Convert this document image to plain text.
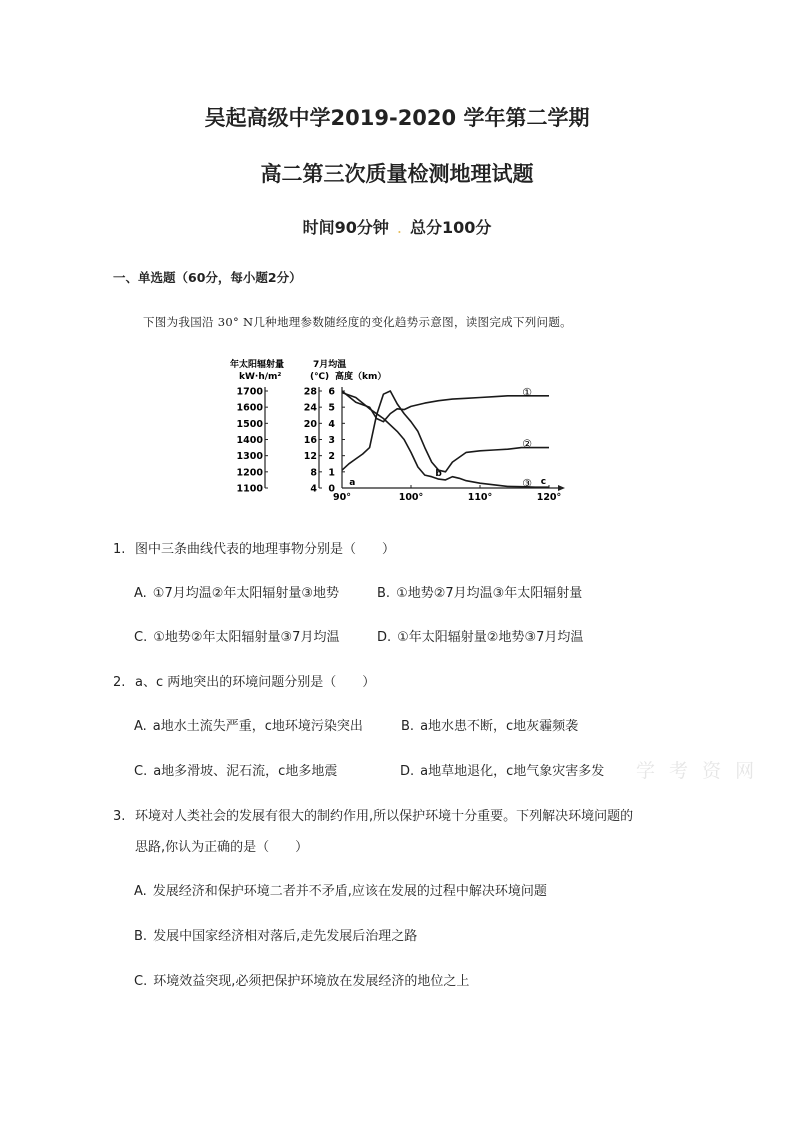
吴起高级中学2019-2020 学年第二学期
高二第三次质量检测地理试题
时间90分钟 . 总分100分
一、单选题（60分，每小题2分）
下图为我国沿 30° N几种地理参数随经度的变化趋势示意图，读图完成下列问题。
年太阳辐射量
kW·h/m²
7月均温
(℃) 高度（km）
1700
1600
1500
1400
1300
1200
1100
28
24
20
16
12
8
4
6
5
4
3
2
1
0
90°	100°	110°	120°
①
②
③
a
b
c
1. 图中三条曲线代表的地理事物分别是（　　）
A. ①7月均温②年太阳辐射量③地势	B. ①地势②7月均温③年太阳辐射量
C. ①地势②年太阳辐射量③7月均温	D. ①年太阳辐射量②地势③7月均温
2. a、c 两地突出的环境问题分别是（　　）
A. a地水土流失严重，c地环境污染突出	B. a地水患不断，c地灰霾频袭
C. a地多滑坡、泥石流，c地多地震	D. a地草地退化，c地气象灾害多发 学 考 资 网
3. 环境对人类社会的发展有很大的制约作用,所以保护环境十分重要。下列解决环境问题的
思路,你认为正确的是（　　）
A. 发展经济和保护环境二者并不矛盾,应该在发展的过程中解决环境问题
B. 发展中国家经济相对落后,走先发展后治理之路
C. 环境效益突现,必须把保护环境放在发展经济的地位之上
